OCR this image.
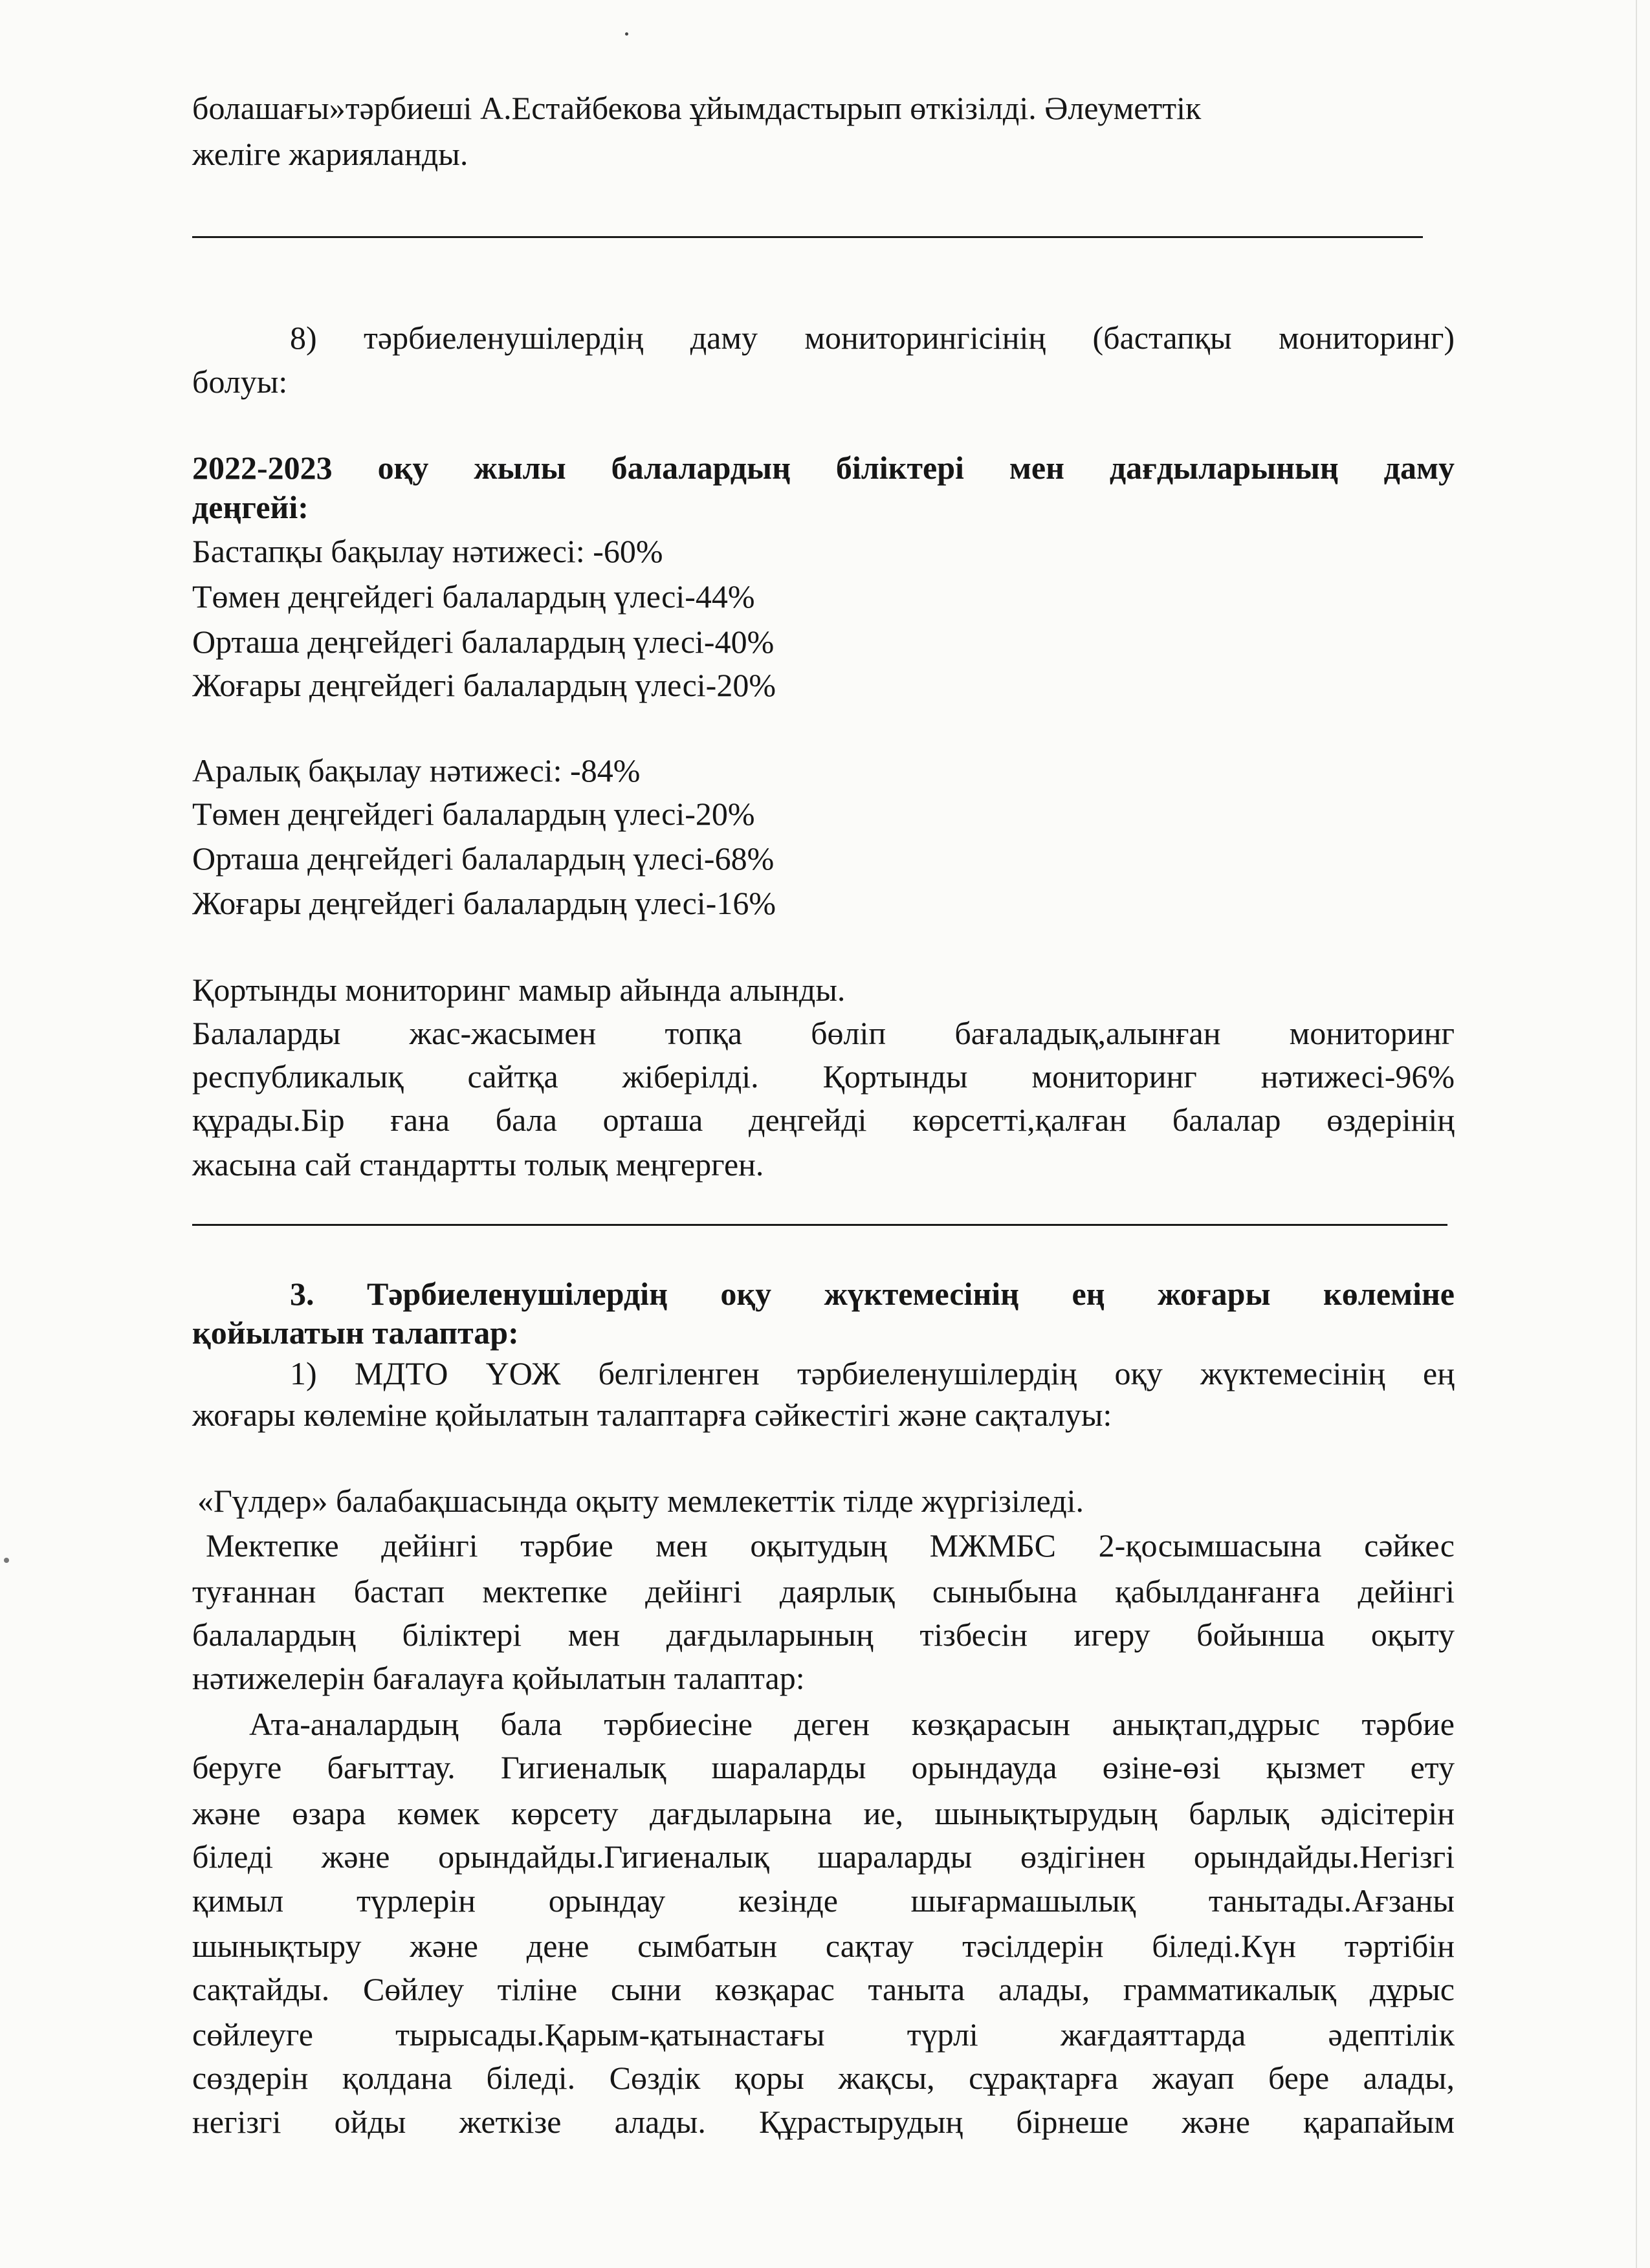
болашағы»тәрбиеші А.Естайбекова ұйымдастырып өткізілді. Әлеуметтік
желіге жарияланды.
8) тәрбиеленушілердің даму мониторингісінің (бастапқы мониторинг)
болуы:
2022-2023 оқу жылы балалардың біліктері мен дағдыларының даму
деңгейі:
Бастапқы бақылау нәтижесі: -60%
Төмен деңгейдегі балалардың үлесі-44%
Орташа деңгейдегі балалардың үлесі-40%
Жоғары деңгейдегі балалардың үлесі-20%
Аралық бақылау нәтижесі: -84%
Төмен деңгейдегі балалардың үлесі-20%
Орташа деңгейдегі балалардың үлесі-68%
Жоғары деңгейдегі балалардың үлесі-16%
Қортынды мониторинг мамыр айында алынды.
Балаларды жас-жасымен топқа бөліп бағаладық,алынған мониторинг
республикалық сайтқа жіберілді. Қортынды мониторинг нәтижесі-96%
құрады.Бір ғана бала орташа деңгейді көрсетті,қалған балалар өздерінің
жасына сай стандартты толық меңгерген.
3. Тәрбиеленушілердің оқу жүктемесінің ең жоғары көлеміне
қойылатын талаптар:
1) МДТО ҮОЖ белгіленген тәрбиеленушілердің оқу жүктемесінің ең
жоғары көлеміне қойылатын талаптарға сәйкестігі және сақталуы:
«Гүлдер» балабақшасында оқыту мемлекеттік тілде жүргізіледі.
Мектепке дейінгі тәрбие мен оқытудың МЖМБС 2-қосымшасына сәйкес
туғаннан бастап мектепке дейінгі даярлық сыныбына қабылданғанға дейінгі
балалардың біліктері мен дағдыларының тізбесін игеру бойынша оқыту
нәтижелерін бағалауға қойылатын талаптар:
Ата-аналардың бала тәрбиесіне деген көзқарасын анықтап,дұрыс тәрбие
беруге бағыттау. Гигиеналық шараларды орындауда өзіне-өзі қызмет ету
және өзара көмек көрсету дағдыларына ие, шынықтырудың барлық әдісітерін
біледі және орындайды.Гигиеналық шараларды өздігінен орындайды.Негізгі
қимыл түрлерін орындау кезінде шығармашылық танытады.Ағзаны
шынықтыру және дене сымбатын сақтау тәсілдерін біледі.Күн тәртібін
сақтайды. Сөйлеу тіліне сыни көзқарас таныта алады, грамматикалық дұрыс
сөйлеуге тырысады.Қарым-қатынастағы түрлі жағдаяттарда әдептілік
сөздерін қолдана біледі. Сөздік қоры жақсы, сұрақтарға жауап бере алады,
негізгі ойды жеткізе алады. Құрастырудың бірнеше және қарапайым
